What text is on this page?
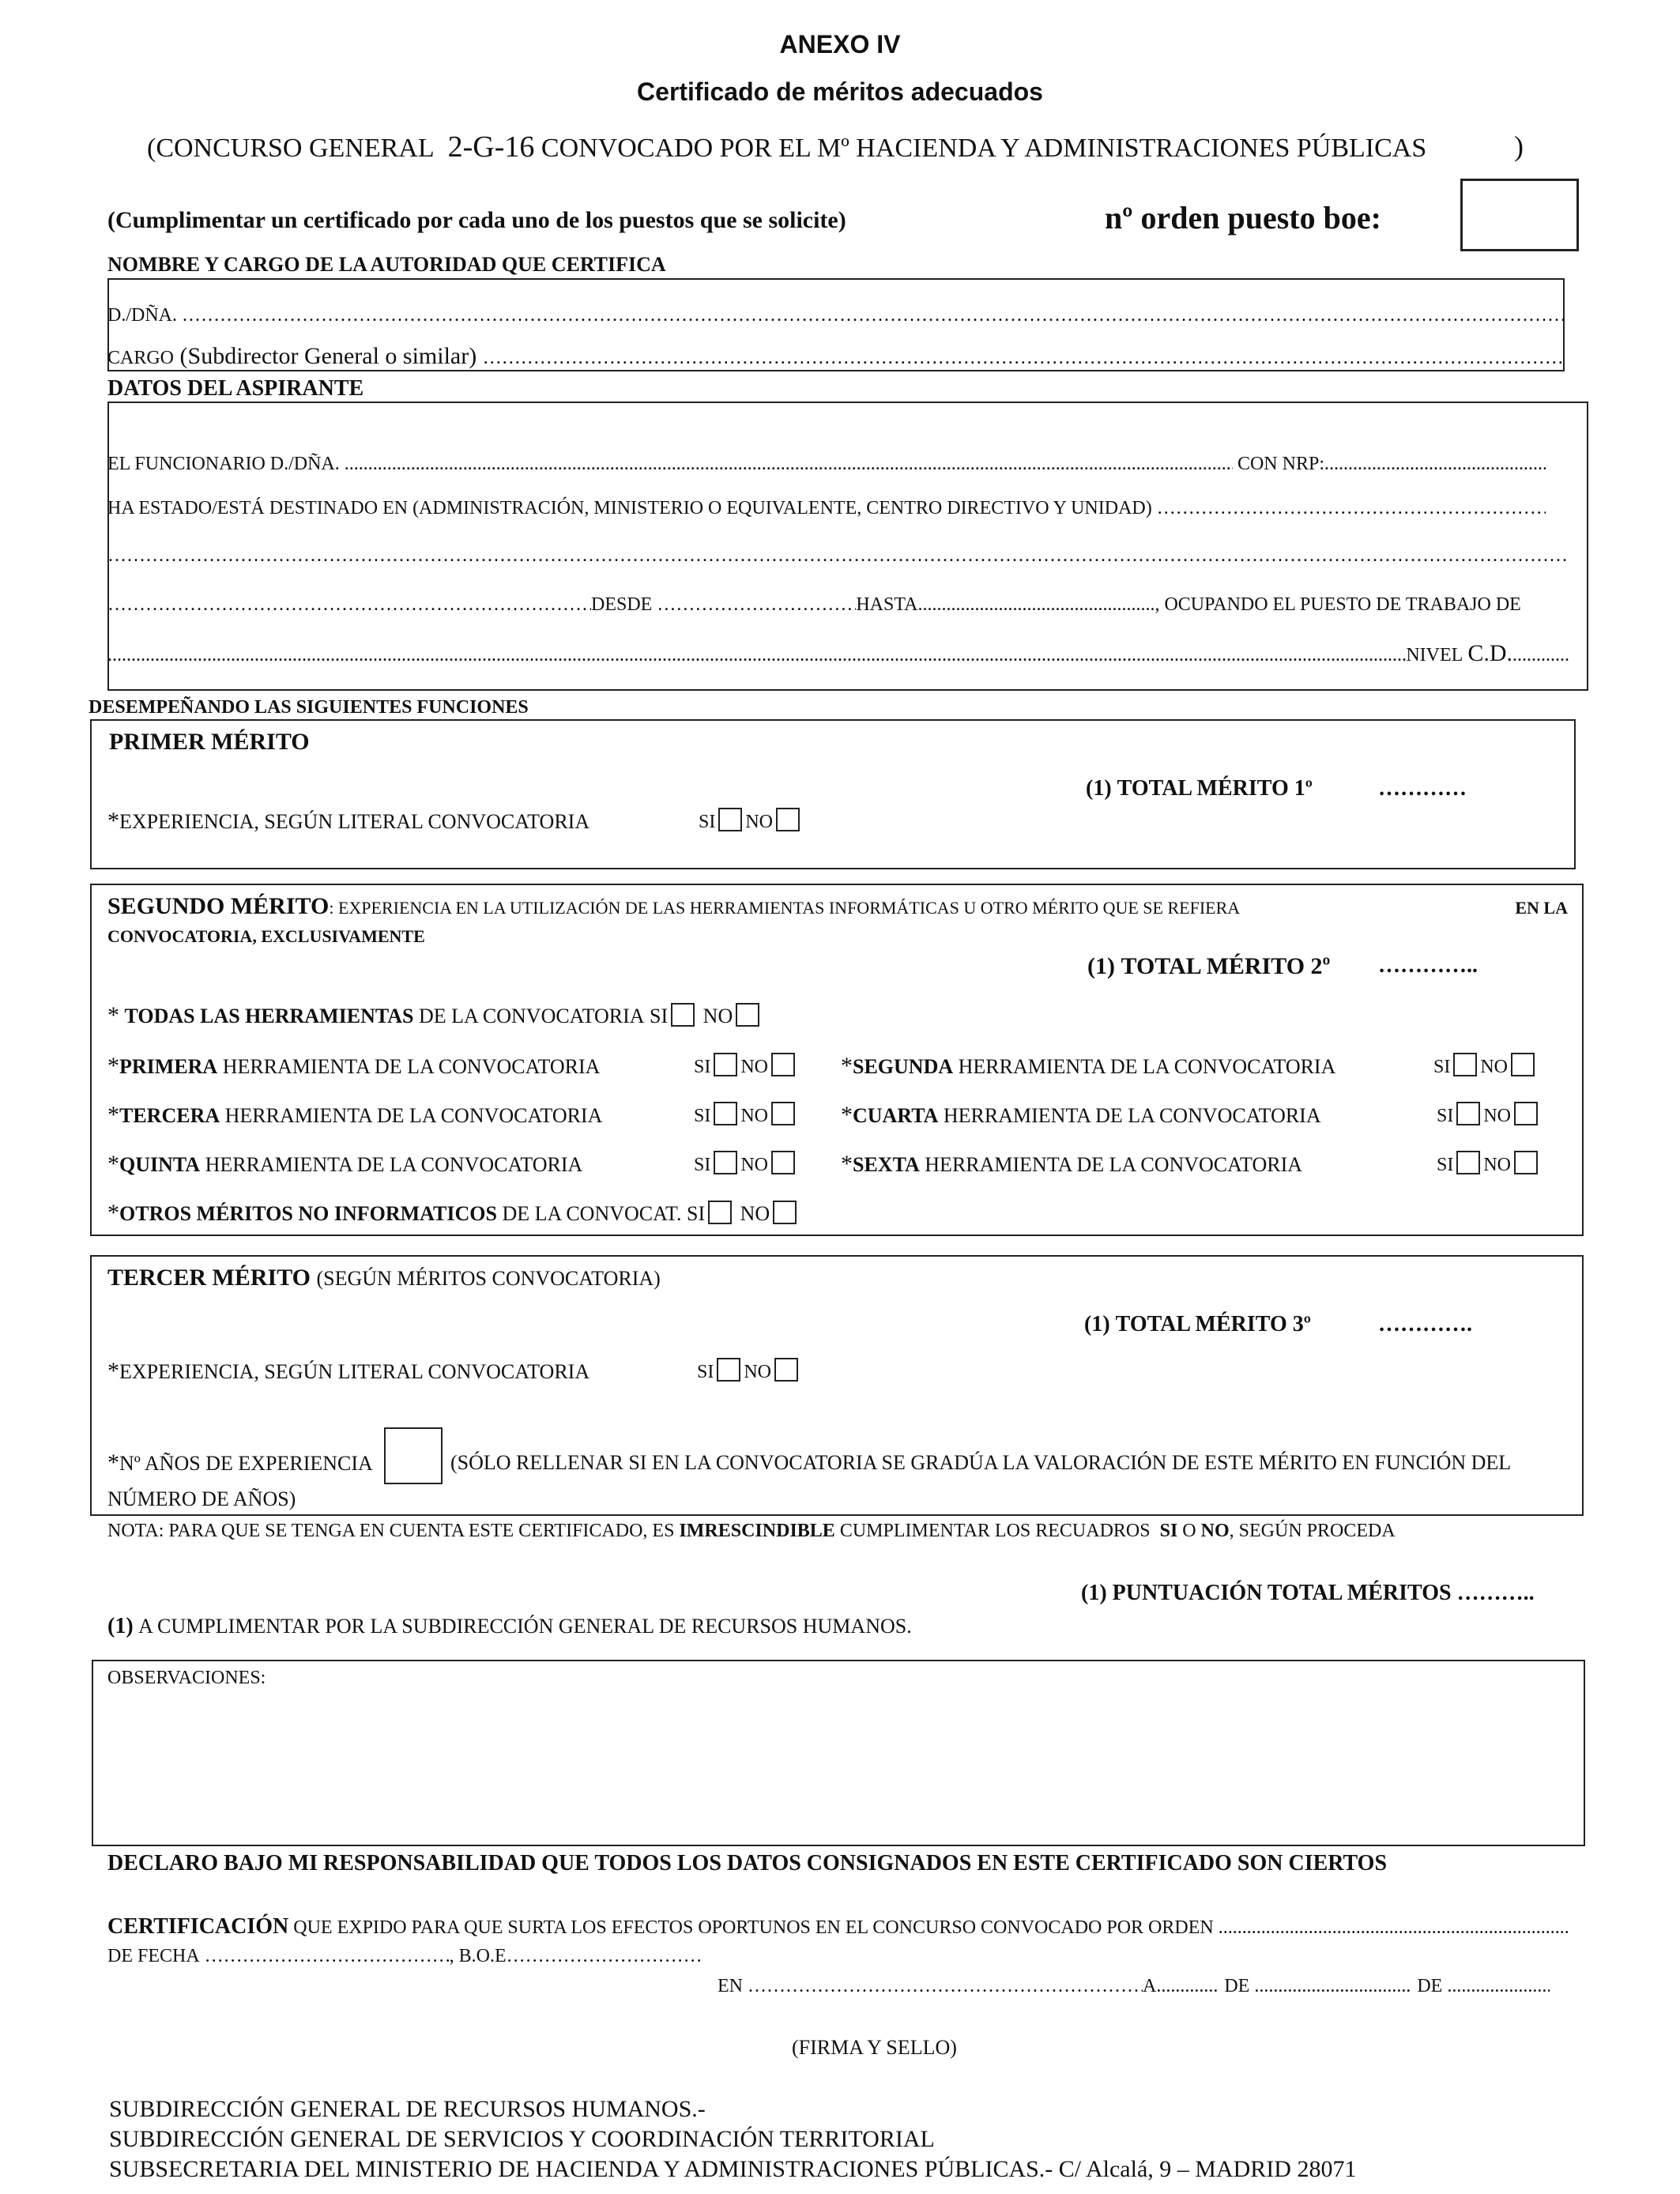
ANEXO IV
Certificado de méritos adecuados
(CONCURSO GENERAL 2-G-16 CONVOCADO POR EL Mº HACIENDA Y ADMINISTRACIONES PÚBLICAS	)
(Cumplimentar un certificado por cada uno de los puestos que se solicite)	nº orden puesto boe:
NOMBRE Y CARGO DE LA AUTORIDAD QUE CERTIFICA
D./DÑA.

……………………………………………………………………………………………………………………………………………………………………………………………………………………………………………………………………………………………………………………………………
CARGO
(Subdirector General o similar)

……………………………………………………………………………………………………………………………………………………………………………………………………………………………………………………………………………………………………………………………………
DATOS DEL ASPIRANTE
EL FUNCIONARIO D./DÑA.
.....
	CON NRP:
.....
HA ESTADO/ESTÁ DESTINADO EN (ADMINISTRACIÓN, MINISTERIO O EQUIVALENTE, CENTRO DIRECTIVO Y UNIDAD)

……………………………………………………………………………………………………………………………………………………………………………………………………………………………………………………………………………………………………………………………………
……………………………………………………………………………………………………………………………………………………………………………………………………………………………………………………………………………………………………………………………………
……………………………………………………………………………………………………………………………………………………………………………………………………………………………………………………………………………………………………………………………………
DESDE
……………………………………………………………………………………………………………………………………………………………………………………………………………………………………………………………………………………………………………………………………	HASTA .....	, OCUPANDO EL PUESTO DE TRABAJO DE
.....
NIVEL
C.D. ............
DESEMPEÑANDO LAS SIGUIENTES FUNCIONES
PRIMER MÉRITO
(1) TOTAL MÉRITO 1º	…………
*EXPERIENCIA, SEGÚN LITERAL CONVOCATORIA	SI NO
SEGUNDO MÉRITO : EXPERIENCIA EN LA UTILIZACIÓN DE LAS HERRAMIENTAS INFORMÁTICAS U OTRO MÉRITO QUE SE REFIERA	EN LA
CONVOCATORIA, EXCLUSIVAMENTE
(1) TOTAL MÉRITO 2º …………..
* TODAS LAS HERRAMIENTAS DE LA CONVOCATORIA SI NO
*PRIMERA HERRAMIENTA DE LA CONVOCATORIA	SI NO	*SEGUNDA HERRAMIENTA DE LA CONVOCATORIA	SI NO
*TERCERA HERRAMIENTA DE LA CONVOCATORIA	SI NO	*CUARTA HERRAMIENTA DE LA CONVOCATORIA	SI NO
*QUINTA HERRAMIENTA DE LA CONVOCATORIA	SI NO	*SEXTA HERRAMIENTA DE LA CONVOCATORIA	SI NO
*OTROS MÉRITOS NO INFORMATICOS DE LA CONVOCAT. SI NO
TERCER MÉRITO (SEGÚN MÉRITOS CONVOCATORIA)
(1) TOTAL MÉRITO 3º	………….
*EXPERIENCIA, SEGÚN LITERAL CONVOCATORIA	SI NO
*Nº AÑOS DE EXPERIENCIA	(SÓLO RELLENAR SI EN LA CONVOCATORIA SE GRADÚA LA VALORACIÓN DE ESTE MÉRITO EN FUNCIÓN DEL
NÚMERO DE AÑOS)
NOTA: PARA QUE SE TENGA EN CUENTA ESTE CERTIFICADO, ES IMRESCINDIBLE CUMPLIMENTAR LOS RECUADROS SI O NO, SEGÚN PROCEDA
(1) PUNTUACIÓN TOTAL MÉRITOS ………..
(1) A CUMPLIMENTAR POR LA SUBDIRECCIÓN GENERAL DE RECURSOS HUMANOS.
OBSERVACIONES:
DECLARO BAJO MI RESPONSABILIDAD QUE TODOS LOS DATOS CONSIGNADOS EN ESTE CERTIFICADO SON CIERTOS
CERTIFICACIÓN
QUE EXPIDO PARA QUE SURTA LOS EFECTOS OPORTUNOS EN EL CONCURSO CONVOCADO POR ORDEN

.....
DE FECHA
……………………………………………………………………………………………………………………………………………………………………………………………………………………………………………………………………………………………………………………………………	, B.O.E
……………………………………………………………………………………………………………………………………………………………………………………………………………………………………………………………………………………………………………………………………
EN
……………………………………………………………………………………………………………………………………………………………………………………………………………………………………………………………………………………………………………………………………	A .....
	DE
.....
	DE

.....
(FIRMA Y SELLO)
SUBDIRECCIÓN GENERAL DE RECURSOS HUMANOS.-
SUBDIRECCIÓN GENERAL DE SERVICIOS Y COORDINACIÓN TERRITORIAL
SUBSECRETARIA DEL MINISTERIO DE HACIENDA Y ADMINISTRACIONES PÚBLICAS.- C/ Alcalá, 9 – MADRID 28071
